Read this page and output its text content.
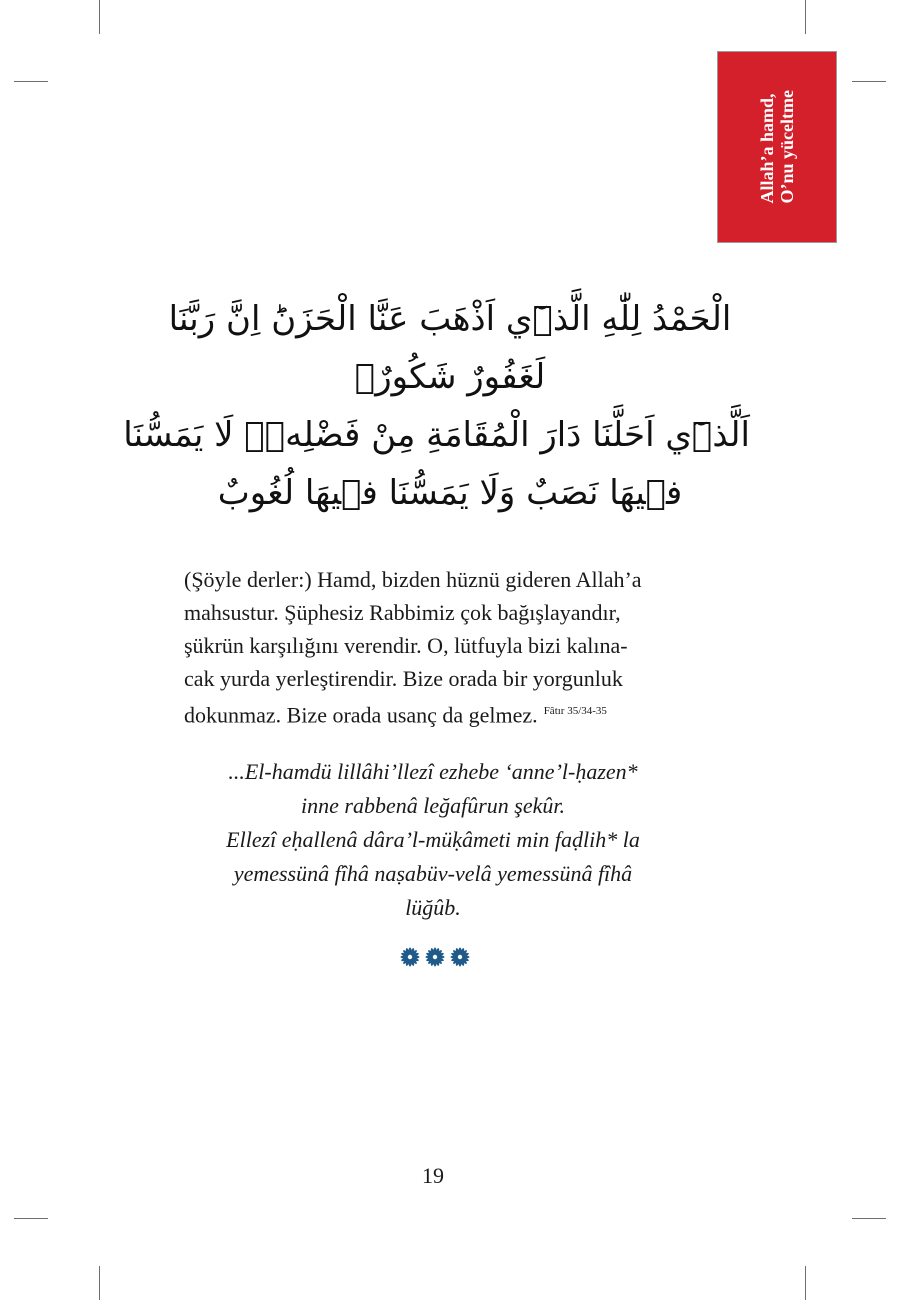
Allah’a hamd, O’nu yüceltme
الْحَمْدُ لِلّٰهِ الَّذ۪ٓي اَذْهَبَ عَنَّا الْحَزَنَؕ اِنَّ رَبَّنَا
لَغَفُورٌ شَكُورٌۙ
اَلَّذ۪ٓي اَحَلَّنَا دَارَ الْمُقَامَةِ مِنْ فَضْلِه۪ۚ لَا يَمَسُّنَا
ف۪يهَا نَصَبٌ وَلَا يَمَسُّنَا ف۪يهَا لُغُوبٌ
(Şöyle derler:) Hamd, bizden hüznü gideren Allah’a
mahsustur. Şüphesiz Rabbimiz çok bağışlayandır,
şükrün karşılığını verendir. O, lütfuyla bizi kalına-
cak yurda yerleştirendir. Bize orada bir yorgunluk
dokunmaz. Bize orada usanç da gelmez. $^{Fâtır 35/34-35}$
...El-hamdü lillâhi’llezî ezhebe ‘anne’l-ḥazen*
inne rabbenâ leğafûrun şekûr.
Ellezî eḥallenâ dâra’l-müḳâmeti min faḍlih* la
yemessünâ fîhâ naṣabüv-velâ yemessünâ fîhâ
lüğûb.
19
